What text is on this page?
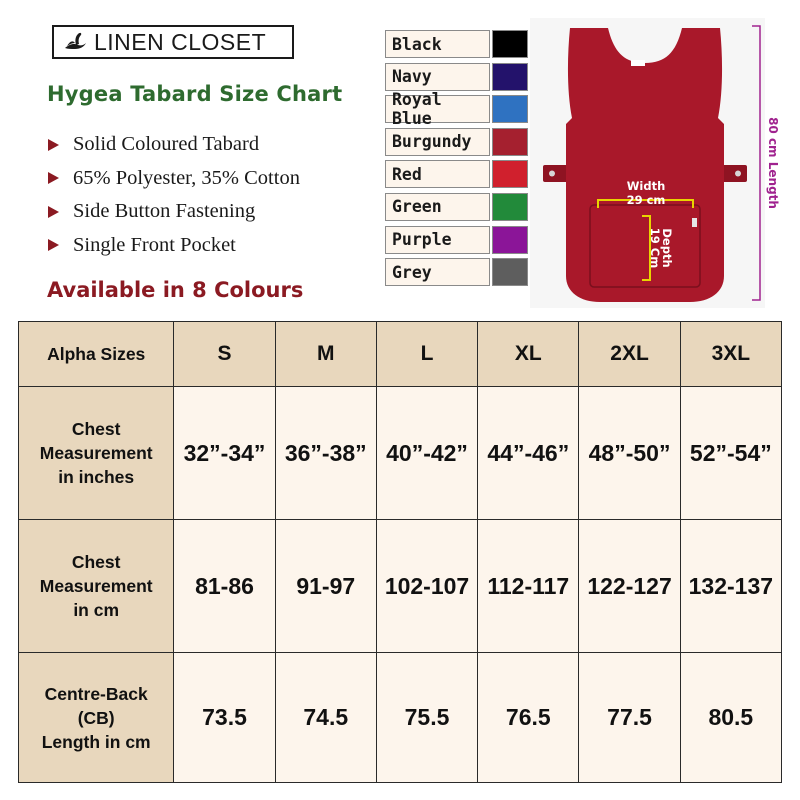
LINEN CLOSET
Hygea Tabard Size Chart
Solid Coloured Tabard
65% Polyester, 35% Cotton
Side Button Fastening
Single Front Pocket
Available in 8 Colours
Black
Navy
Royal Blue
Burgundy
Red
Green
Purple
Grey
Width
29 cm
Depth
19 Cm
80 cm Length
Alpha Sizes	S	M	L	XL	2XL	3XL
Chest
Measurement
in inches	32”-34”	36”-38”	40”-42”	44”-46”	48”-50”	52”-54”
Chest
Measurement
in cm	81-86	91-97	102-107	112-117	122-127	132-137
Centre-Back
(CB)
Length in cm	73.5	74.5	75.5	76.5	77.5	80.5
